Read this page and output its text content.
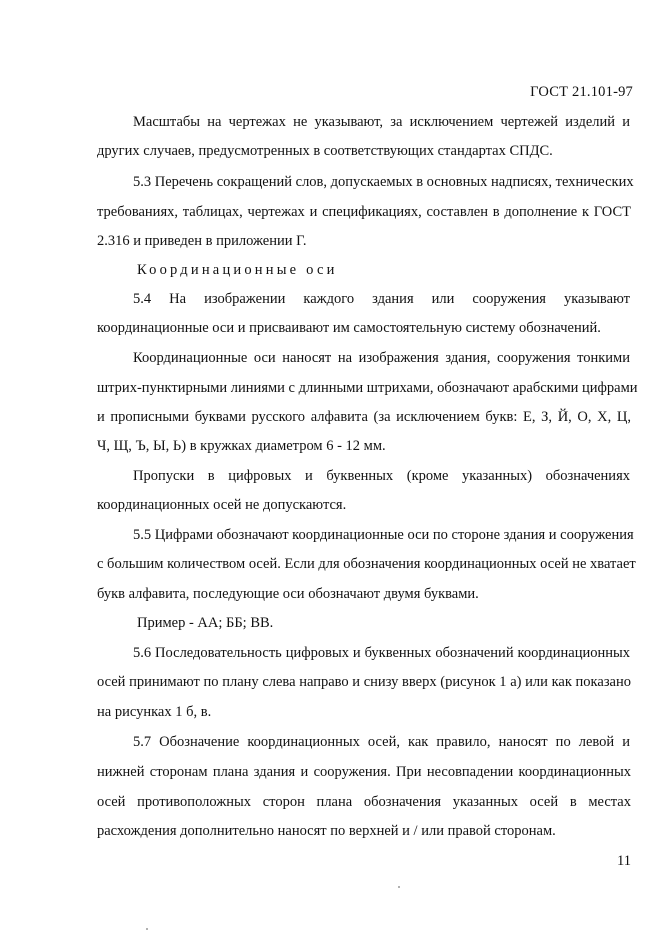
ГОСТ 21.101-97
Масштабы на чертежах не указывают, за исключением чертежей изделий и
других случаев, предусмотренных в соответствующих стандартах СПДС.
5.3 Перечень сокращений слов, допускаемых в основных надписях, технических
требованиях, таблицах, чертежах и спецификациях, составлен в дополнение к ГОСТ
2.316 и приведен в приложении Г.
Координационные оси
5.4 На изображении каждого здания или сооружения указывают
координационные оси и присваивают им самостоятельную систему обозначений.
Координационные оси наносят на изображения здания, сооружения тонкими
штрих-пунктирными линиями с длинными штрихами, обозначают арабскими цифрами
и прописными буквами русского алфавита (за исключением букв: Е, З, Й, О, Х, Ц,
Ч, Щ, Ъ, Ы, Ь) в кружках диаметром 6 - 12 мм.
Пропуски в цифровых и буквенных (кроме указанных) обозначениях
координационных осей не допускаются.
5.5 Цифрами обозначают координационные оси по стороне здания и сооружения
с большим количеством осей. Если для обозначения координационных осей не хватает
букв алфавита, последующие оси обозначают двумя буквами.
Пример - АА; ББ; ВВ.
5.6 Последовательность цифровых и буквенных обозначений координационных
осей принимают по плану слева направо и снизу вверх (рисунок 1 а) или как показано
на рисунках 1 б, в.
5.7 Обозначение координационных осей, как правило, наносят по левой и
нижней сторонам плана здания и сооружения. При несовпадении координационных
осей противоположных сторон плана обозначения указанных осей в местах
расхождения дополнительно наносят по верхней и / или правой сторонам.
11
